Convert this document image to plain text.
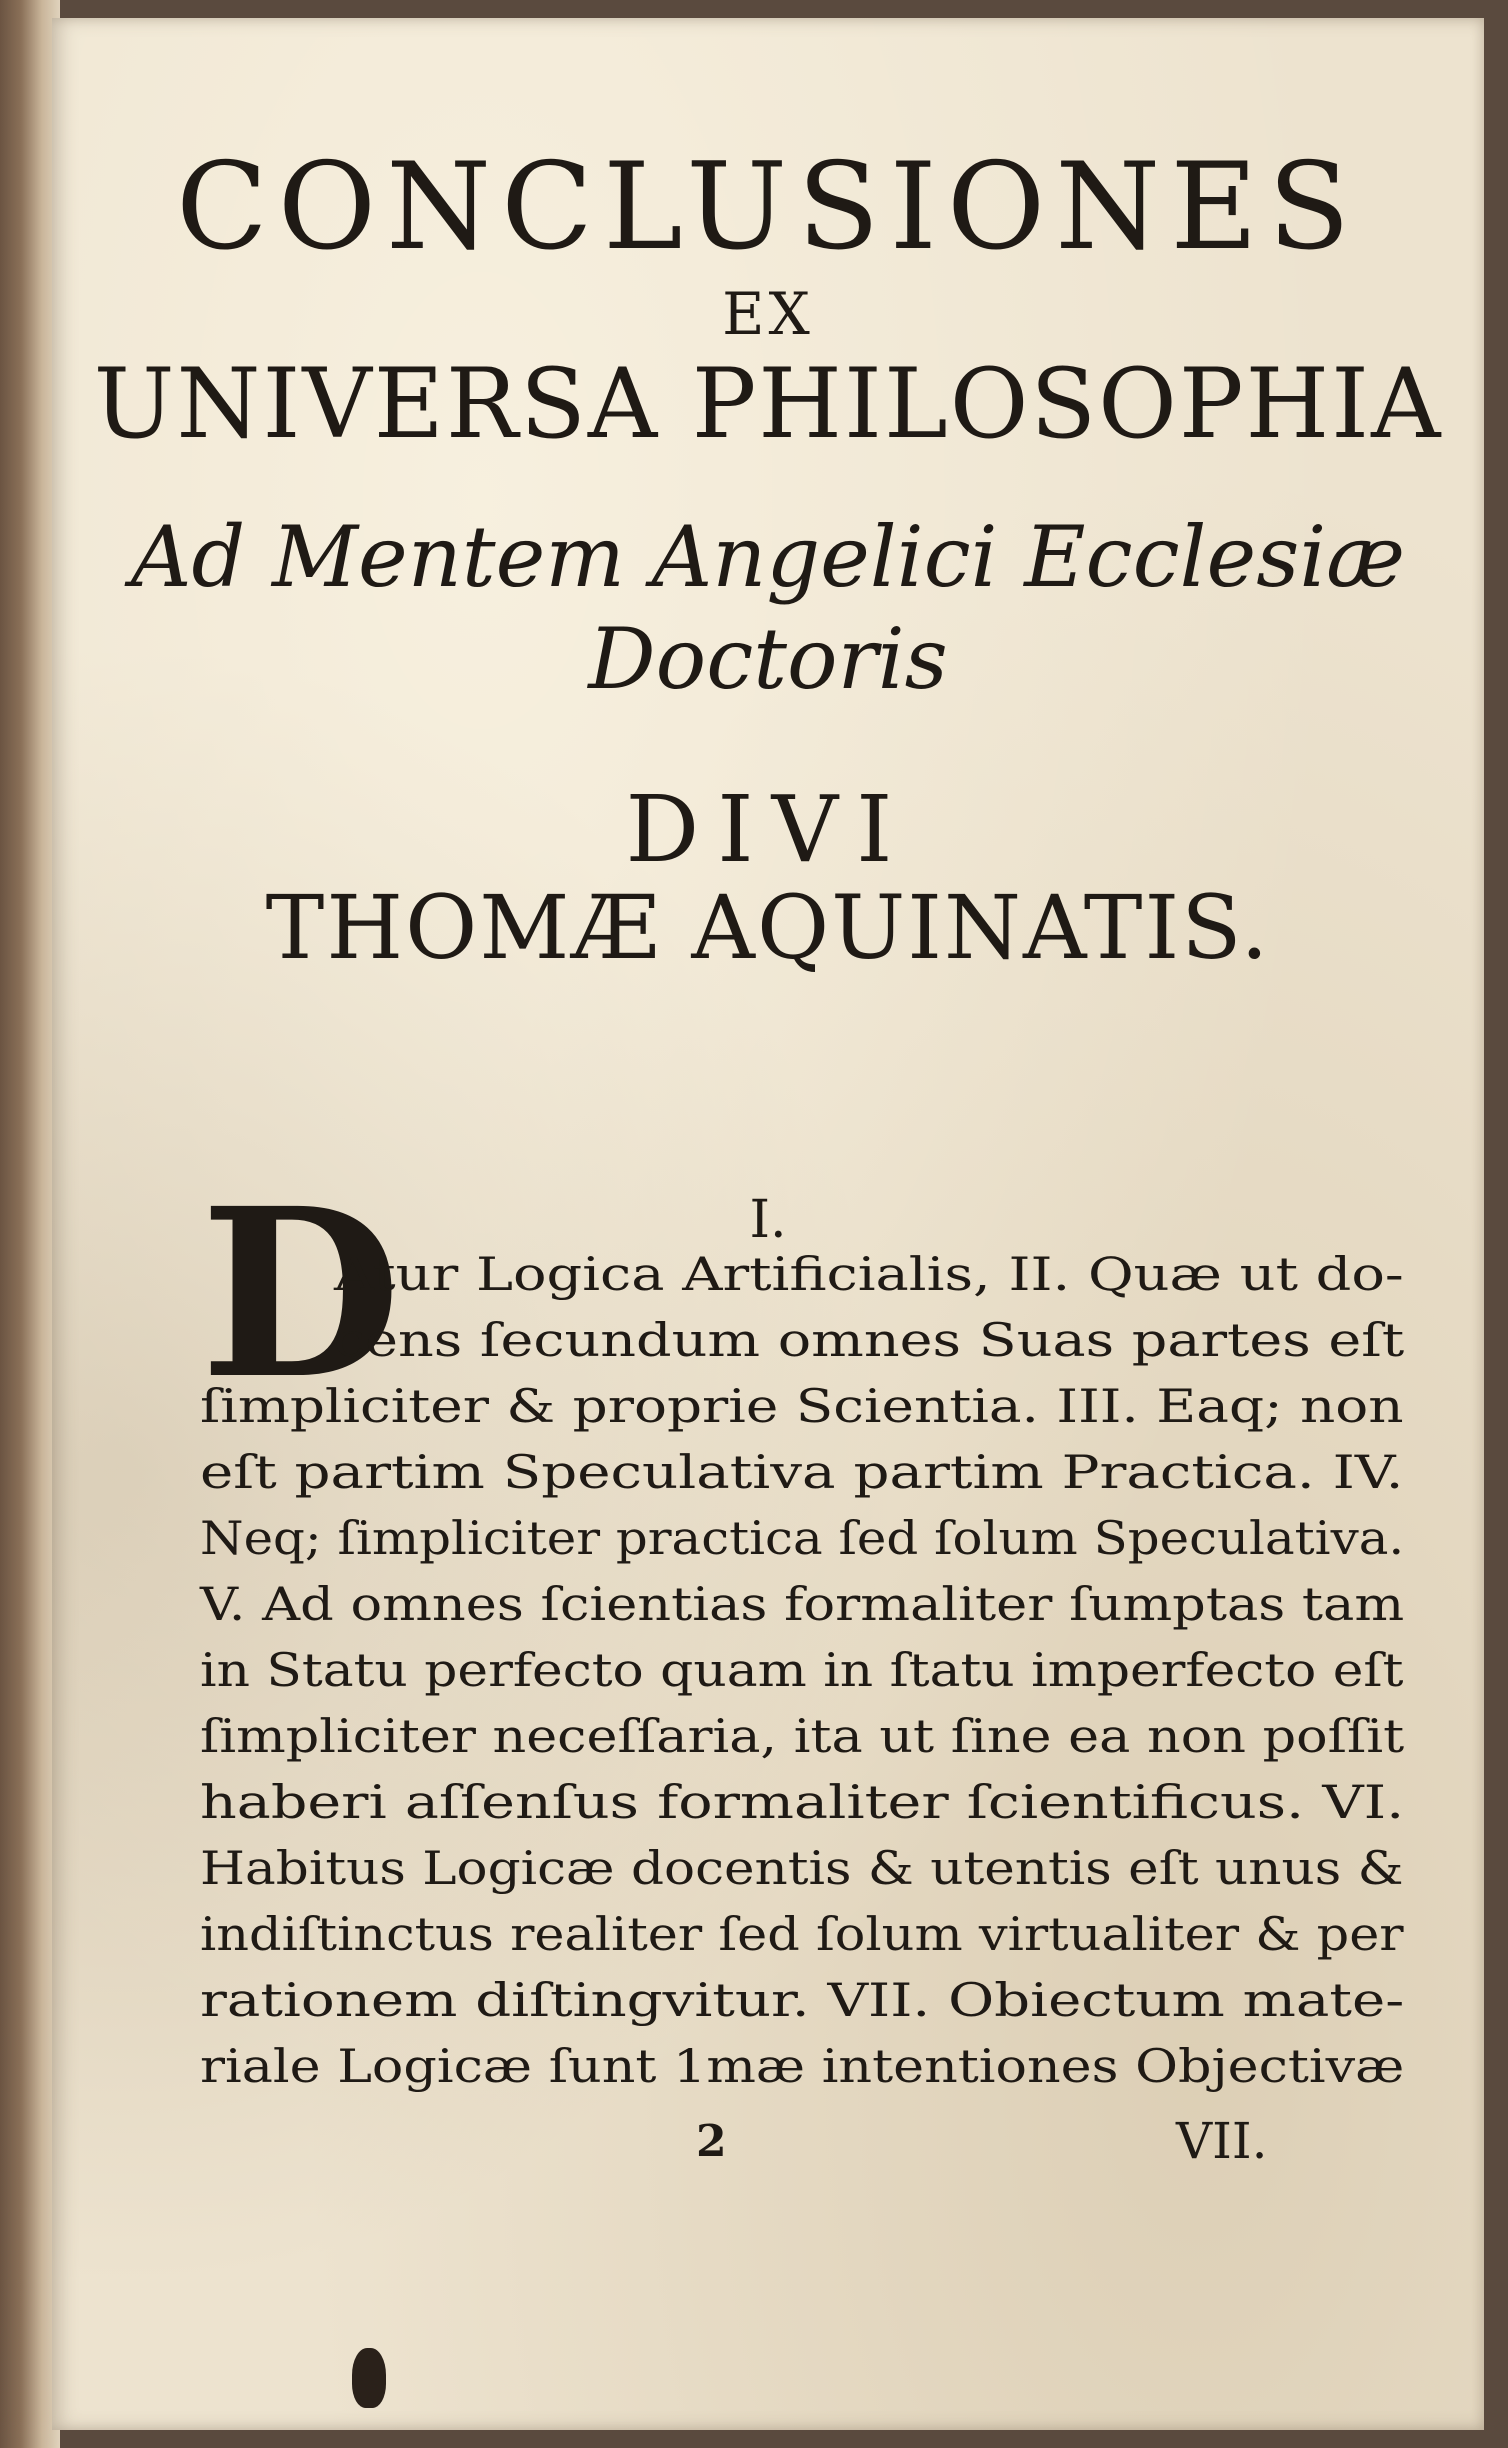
CONCLUSIONES
EX
UNIVERSA PHILOSOPHIA
Ad Mentem Angelici Ecclesiæ
Doctoris
DIVI
THOMÆ AQUINATIS.
I.
D
Atur Logica Artificialis, II. Quæ ut do-
cens ſecundum omnes Suas partes eſt
ſimpliciter & proprie Scientia. III. Eaq; non
eſt partim Speculativa partim Practica. IV.
Neq; ſimpliciter practica ſed ſolum Speculativa.
V. Ad omnes ſcientias formaliter ſumptas tam
in Statu perfecto quam in ſtatu imperfecto eſt
ſimpliciter neceſſaria, ita ut ſine ea non poſſit
haberi aſſenſus formaliter ſcientificus. VI.
Habitus Logicæ docentis & utentis eſt unus &
indiſtinctus realiter ſed ſolum virtualiter & per
rationem diſtingvitur. VII. Obiectum mate-
riale Logicæ ſunt 1mæ intentiones Objectivæ
2	VII.
